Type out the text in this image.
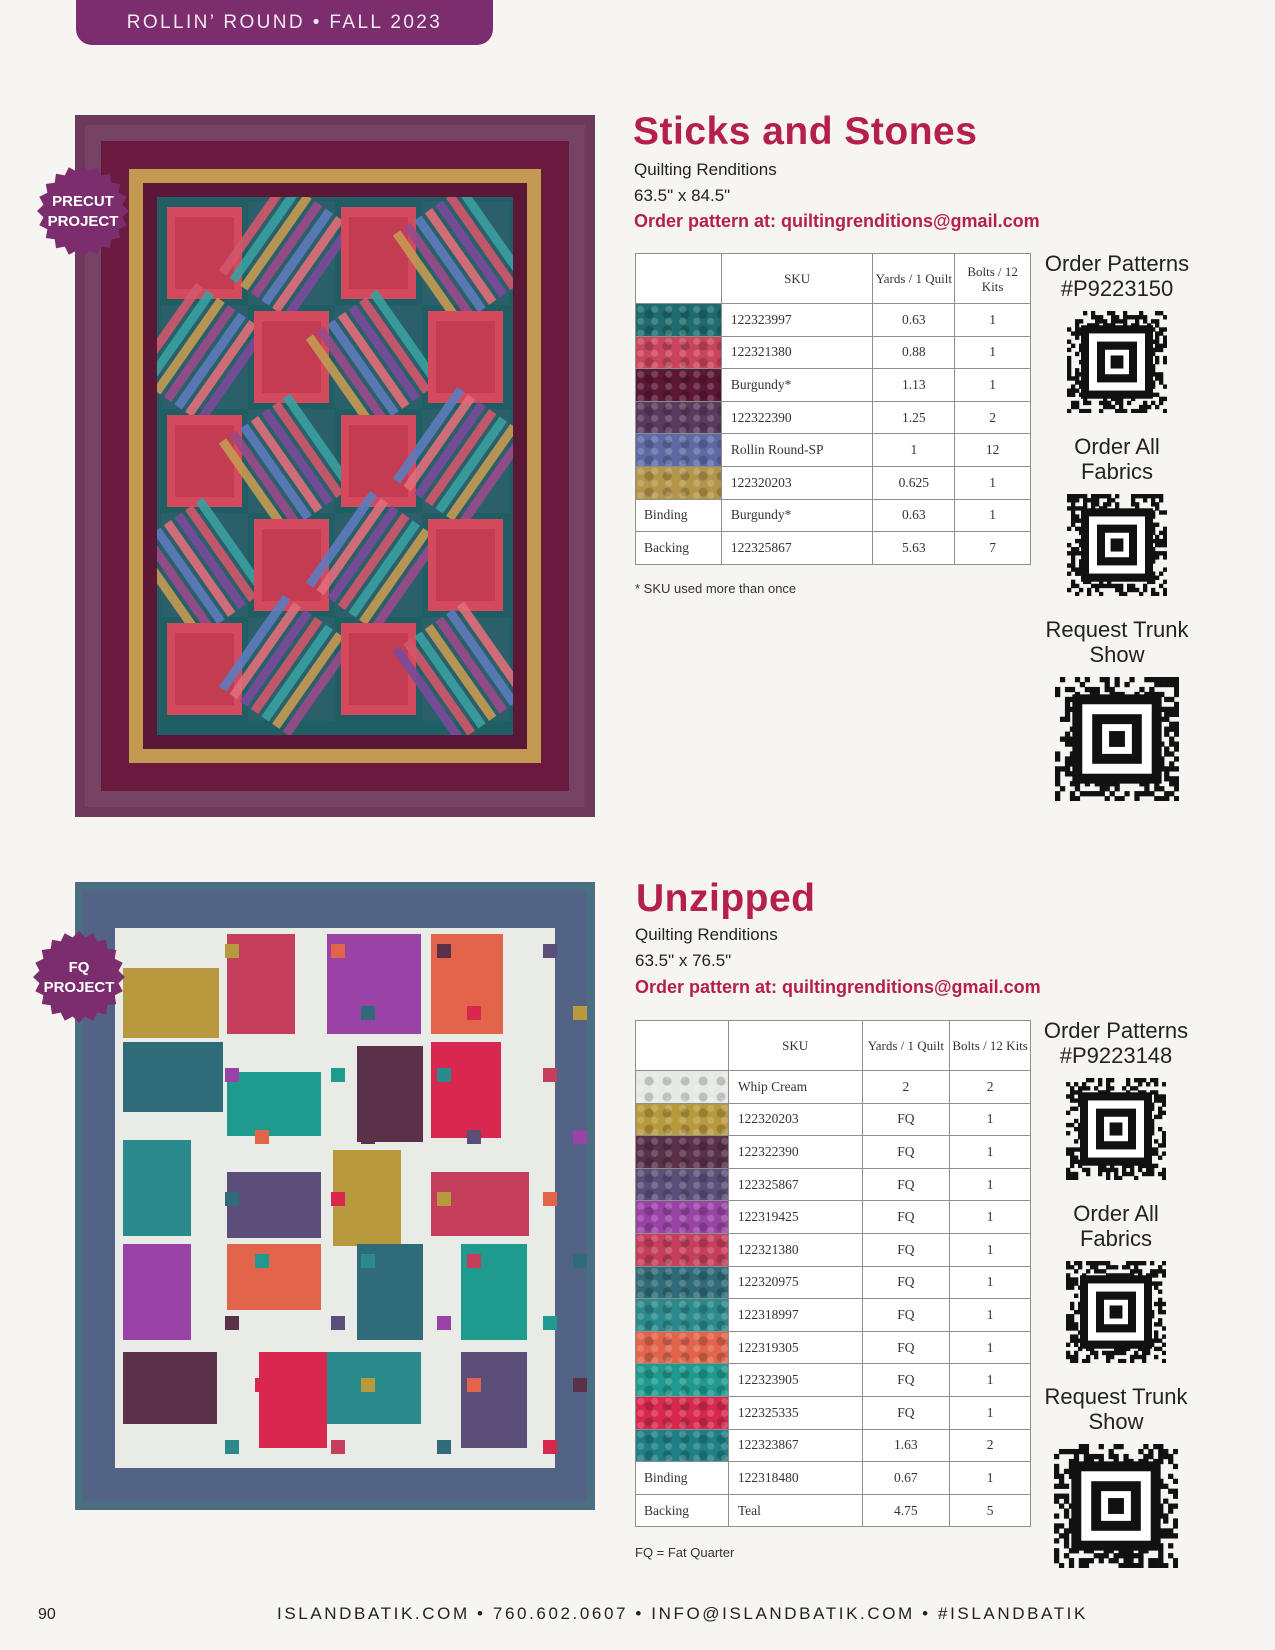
ROLLIN’ ROUND • FALL 2023
PRECUT
PROJECT
Sticks and Stones
Quilting Renditions
63.5" x 84.5"
Order pattern at: quiltingrenditions@gmail.com
	SKU	Yards / 1 Quilt	Bolts / 12 Kits
	122323997	0.63	1
	122321380	0.88	1
	Burgundy*	1.13	1
	122322390	1.25	2
	Rollin Round-SP	1	12
	122320203	0.625	1
Binding	Burgundy*	0.63	1
Backing	122325867	5.63	7
* SKU used more than once
Order Patterns #P9223150
Order All Fabrics
Request Trunk Show
FQ
PROJECT
Unzipped
Quilting Renditions
63.5" x 76.5"
Order pattern at: quiltingrenditions@gmail.com
	SKU	Yards / 1 Quilt	Bolts / 12 Kits
	Whip Cream	2	2
	122320203	FQ	1
	122322390	FQ	1
	122325867	FQ	1
	122319425	FQ	1
	122321380	FQ	1
	122320975	FQ	1
	122318997	FQ	1
	122319305	FQ	1
	122323905	FQ	1
	122325335	FQ	1
	122323867	1.63	2
Binding	122318480	0.67	1
Backing	Teal	4.75	5
FQ = Fat Quarter
Order Patterns #P9223148
Order All Fabrics
Request Trunk Show
90	ISLANDBATIK.COM • 760.602.0607 • INFO@ISLANDBATIK.COM • #ISLANDBATIK
